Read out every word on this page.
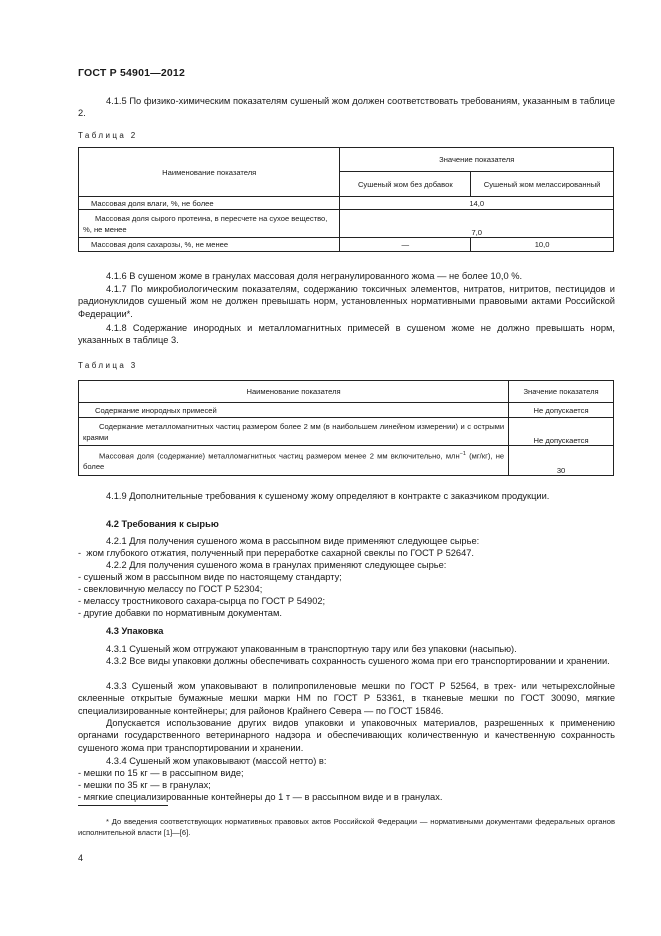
ГОСТ Р 54901—2012

4.1.5 По физико-химическим показателям сушеный жом должен соответствовать требованиям, указанным в таблице 2.

Таблица 2
Наименование показателя	Значение показателя	
	Сушеный жом без добавок	Сушеный жом мелассированный
Массовая доля влаги, %, не более	14,0	
Массовая доля сырого протеина, в пересчете на сухое вещество, %, не менее	7,0	
Массовая доля сахарозы, %, не менее	—	10,0

4.1.6 В сушеном жоме в гранулах массовая доля негранулированного жома — не более 10,0 %.

4.1.7 По микробиологическим показателям, содержанию токсичных элементов, нитратов, нитритов, пестицидов и радионуклидов сушеный жом не должен превышать норм, установленных нормативными правовыми актами Российской Федерации*.

4.1.8 Содержание инородных и металломагнитных примесей в сушеном жоме не должно превышать норм, указанных в таблице 3.

Таблица 3
Наименование показателя	Значение показателя
Содержание инородных примесей	Не допускается
Содержание металломагнитных частиц размером более 2 мм (в наибольшем линейном измерении) и с острыми краями	Не допускается
Массовая доля (содержание) металломагнитных частиц размером менее 2 мм включительно, млн$^{-1}$ (мг/кг), не более	30

4.1.9 Дополнительные требования к сушеному жому определяют в контракте с заказчиком продукции.

4.2 Требования к сырью

4.2.1 Для получения сушеного жома в рассыпном виде применяют следующее сырье:

‑  жом глубокого отжатия, полученный при переработке сахарной свеклы по ГОСТ Р 52647.

4.2.2 Для получения сушеного жома в гранулах применяют следующее сырье:

- сушеный жом в рассыпном виде по настоящему стандарту;
- свекловичную мелассу по ГОСТ Р 52304;
- мелассу тростникового сахара-сырца по ГОСТ Р 54902;
- другие добавки по нормативным документам.
4.3 Упаковка

4.3.1 Сушеный жом отгружают упакованным в транспортную тару или без упаковки (насыпью).

4.3.2 Все виды упаковки должны обеспечивать сохранность сушеного жома при его транспортировании и хранении.

4.3.3 Сушеный жом упаковывают в полипропиленовые мешки по ГОСТ Р 52564, в трех- или четырехслойные склеенные открытые бумажные мешки марки НМ по ГОСТ Р 53361, в тканевые мешки по ГОСТ 30090, мягкие специализированные контейнеры; для районов Крайнего Севера — по ГОСТ 15846.

Допускается использование других видов упаковки и упаковочных материалов, разрешенных к применению органами государственного ветеринарного надзора и обеспечивающих количественную и качественную сохранность сушеного жома при транспортировании и хранении.

4.3.4 Сушеный жом упаковывают (массой нетто) в:

- мешки по 15 кг — в рассыпном виде;
- мешки по 35 кг — в гранулах;
- мягкие специализированные контейнеры до 1 т — в рассыпном виде и в гранулах.

* До введения соответствующих нормативных правовых актов Российской Федерации — нормативными документами федеральных органов исполнительной власти [1]—[6].

4
